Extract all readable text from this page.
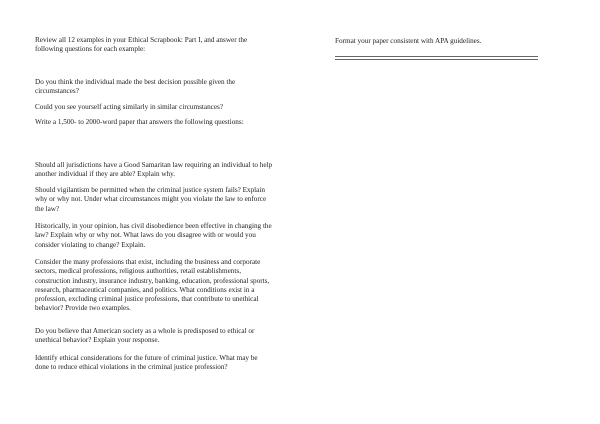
Review all 12 examples in your Ethical Scrapbook: Part I, and answer the following questions for each example:

Do you think the individual made the best decision possible given the circumstances?

Could you see yourself acting similarly in similar circumstances?

Write a 1,500- to 2000-word paper that answers the following questions:

Should all jurisdictions have a Good Samaritan law requiring an individual to help another individual if they are able? Explain why.

Should vigilantism be permitted when the criminal justice system fails? Explain why or why not. Under what circumstances might you violate the law to enforce the law?

Historically, in your opinion, has civil disobedience been effective in changing the law? Explain why or why not. What laws do you disagree with or would you consider violating to change? Explain.

Consider the many professions that exist, including the business and corporate sectors, medical professions, religious authorities, retail establishments, construction industry, insurance industry, banking, education, professional sports, research, pharmaceutical companies, and politics. What conditions exist in a profession, excluding criminal justice professions, that contribute to unethical behavior? Provide two examples.

Do you believe that American society as a whole is predisposed to ethical or unethical behavior? Explain your response.

Identify ethical considerations for the future of criminal justice. What may be done to reduce ethical violations in the criminal justice profession?

Format your paper consistent with APA guidelines.
